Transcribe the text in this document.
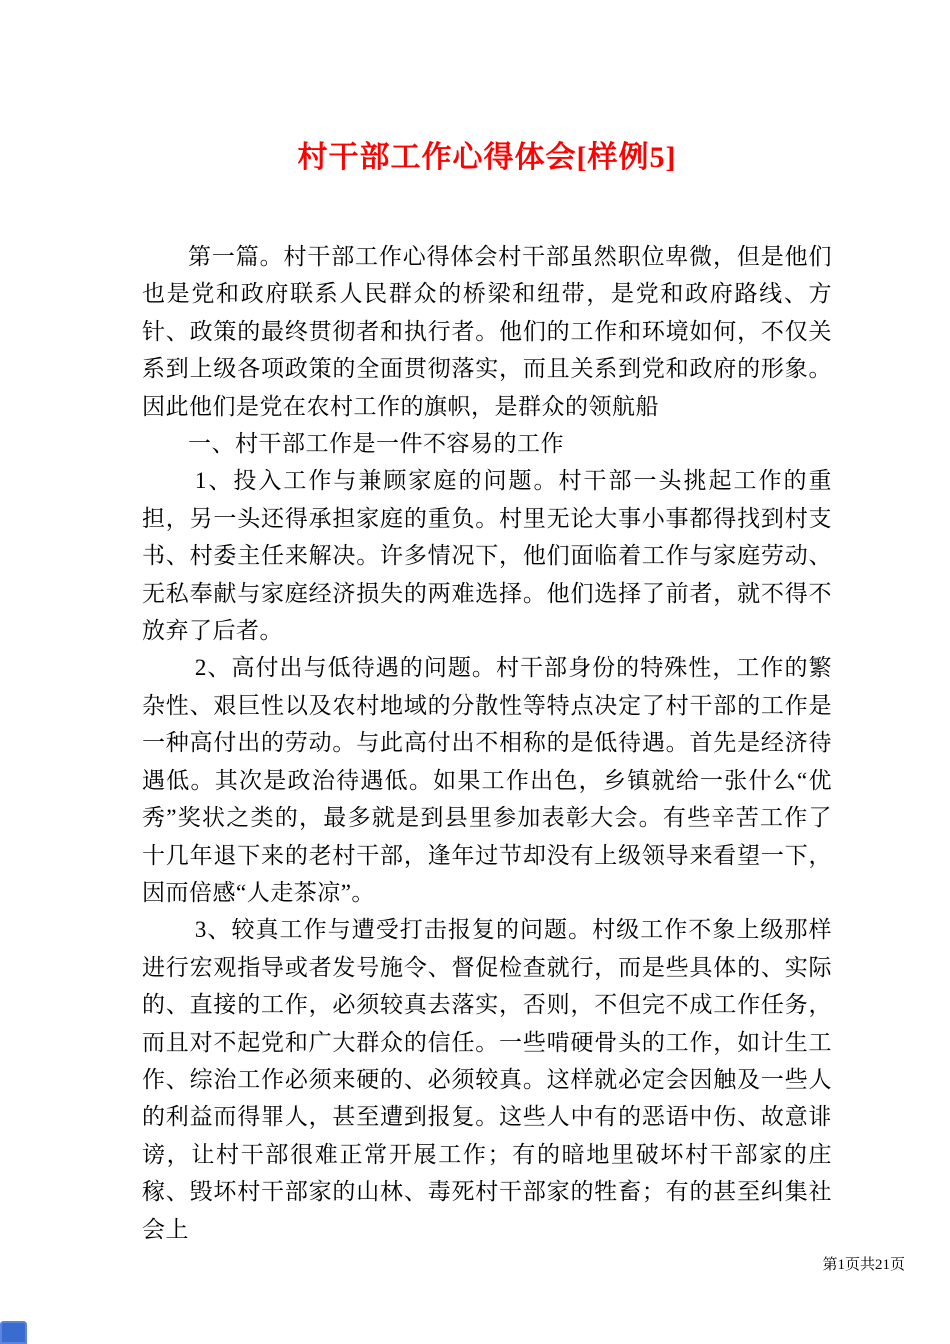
村干部工作心得体会[样例5]

第一篇。村干部工作心得体会村干部虽然职位卑微，但是他们也是党和政府联系人民群众的桥梁和纽带，是党和政府路线、方针、政策的最终贯彻者和执行者。他们的工作和环境如何，不仅关系到上级各项政策的全面贯彻落实，而且关系到党和政府的形象。因此他们是党在农村工作的旗帜，是群众的领航船

一、村干部工作是一件不容易的工作

1、投入工作与兼顾家庭的问题。村干部一头挑起工作的重担，另一头还得承担家庭的重负。村里无论大事小事都得找到村支书、村委主任来解决。许多情况下，他们面临着工作与家庭劳动、无私奉献与家庭经济损失的两难选择。他们选择了前者，就不得不放弃了后者。

2、高付出与低待遇的问题。村干部身份的特殊性，工作的繁杂性、艰巨性以及农村地域的分散性等特点决定了村干部的工作是一种高付出的劳动。与此高付出不相称的是低待遇。首先是经济待遇低。其次是政治待遇低。如果工作出色，乡镇就给一张什么“优秀”奖状之类的，最多就是到县里参加表彰大会。有些辛苦工作了十几年退下来的老村干部，逢年过节却没有上级领导来看望一下，因而倍感“人走茶凉”。

3、较真工作与遭受打击报复的问题。村级工作不象上级那样进行宏观指导或者发号施令、督促检查就行，而是些具体的、实际的、直接的工作，必须较真去落实，否则，不但完不成工作任务，而且对不起党和广大群众的信任。一些啃硬骨头的工作，如计生工作、综治工作必须来硬的、必须较真。这样就必定会因触及一些人的利益而得罪人，甚至遭到报复。这些人中有的恶语中伤、故意诽谤，让村干部很难正常开展工作；有的暗地里破坏村干部家的庄稼、毁坏村干部家的山林、毒死村干部家的牲畜；有的甚至纠集社会上

第1页共21页
